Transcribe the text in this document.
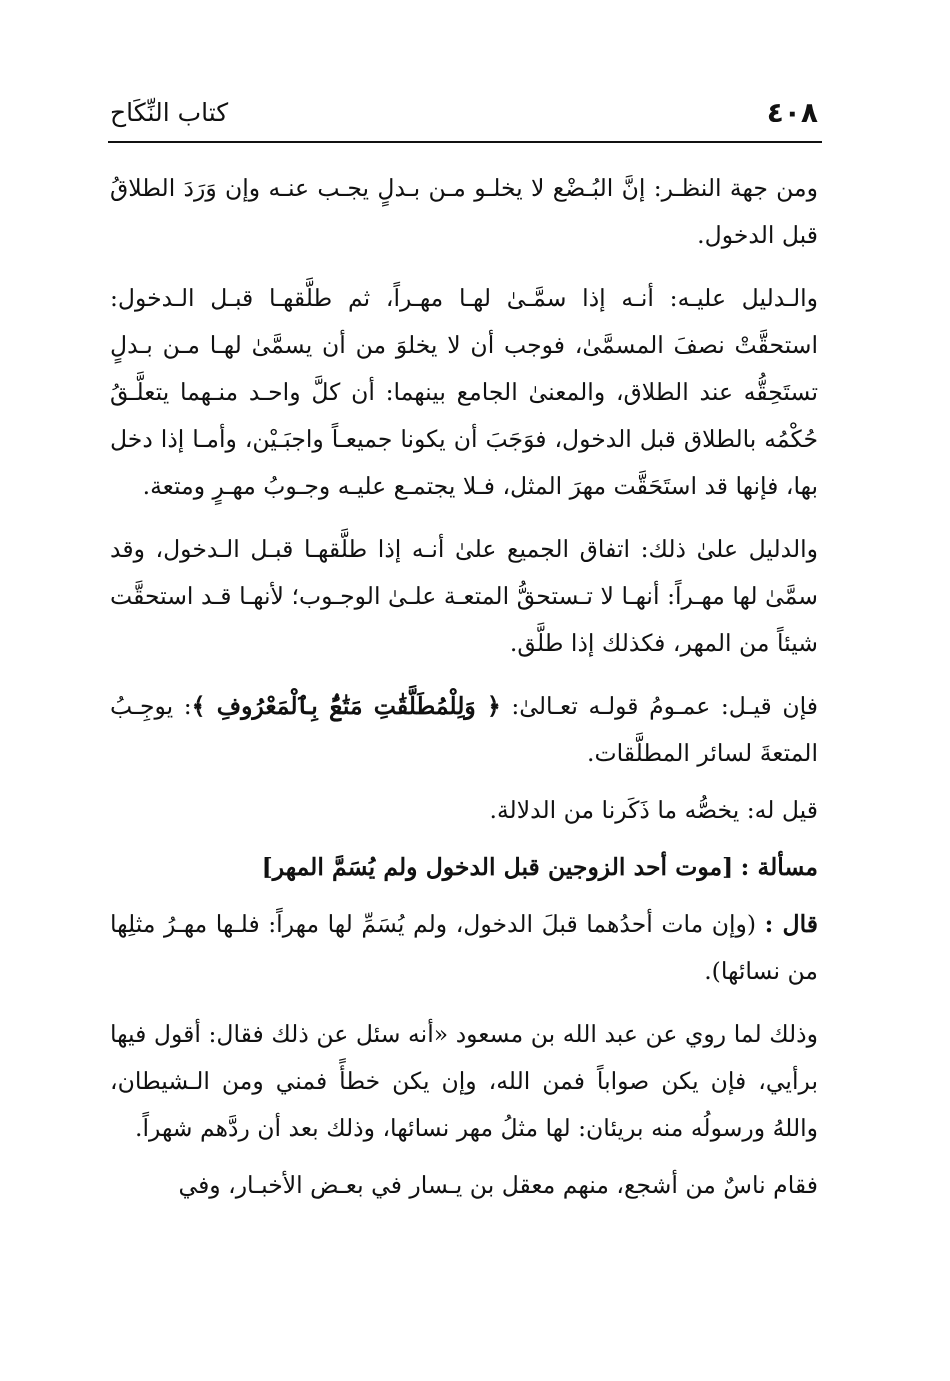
٤٠٨
كتاب النِّكَاح

ومن جهة النظـر: إنَّ البُـضْع لا يخلـو مـن بـدلٍ يجـب عنـه وإن وَرَدَ الطلاقُ قبل الدخول.

والـدليل عليـه: أنـه إذا سمَّـىٰ لهـا مهـراً، ثم طلَّقهـا قبـل الـدخول: استحقَّتْ نصفَ المسمَّىٰ، فوجب أن لا يخلوَ من أن يسمَّىٰ لهـا مـن بـدلٍ تستَحِقُّه عند الطلاق، والمعنىٰ الجامع بينهما: أن كلَّ واحـد منـهما يتعلَّـقُ حُكْمُه بالطلاق قبل الدخول، فوَجَبَ أن يكونا جميعـاً واجبَـيْن، وأمـا إذا دخل بها، فإنها قد استَحَقَّت مهرَ المثل، فـلا يجتمـع عليـه وجـوبُ مهـرٍ ومتعة.

والدليل علىٰ ذلك: اتفاق الجميع علىٰ أنـه إذا طلَّقهـا قبـل الـدخول، وقد سمَّىٰ لها مهـراً: أنهـا لا تـستحقُّ المتعـة علـىٰ الوجـوب؛ لأنهـا قـد استحقَّت شيئاً من المهر، فكذلك إذا طلَّق.

فإن قيـل: عمـومُ قولـه تعـالىٰ: ﴿ وَلِلْمُطَلَّقَٰتِ مَتَٰعٌۢ بِٱلْمَعْرُوفِ ﴾: يوجِـبُ المتعةَ لسائر المطلَّقات.

قيل له: يخصُّه ما ذَكَرنا من الدلالة.

مسألة : [موت أحد الزوجين قبل الدخول ولم يُسَمَّ المهر]

قال : (وإن مات أحدُهما قبلَ الدخول، ولم يُسَمِّ لها مهراً: فلـها مهـرُ مثلِها من نسائها).

وذلك لما روي عن عبد الله بن مسعود «أنه سئل عن ذلك فقال: أقول فيها برأيي، فإن يكن صواباً فمن الله، وإن يكن خطأً فمني ومن الـشيطان، واللهُ ورسولُه منه بريئان: لها مثلُ مهر نسائها، وذلك بعد أن ردَّهم شهراً.

فقام ناسٌ من أشجع، منهم معقل بن يـسار في بعـض الأخبـار، وفي
